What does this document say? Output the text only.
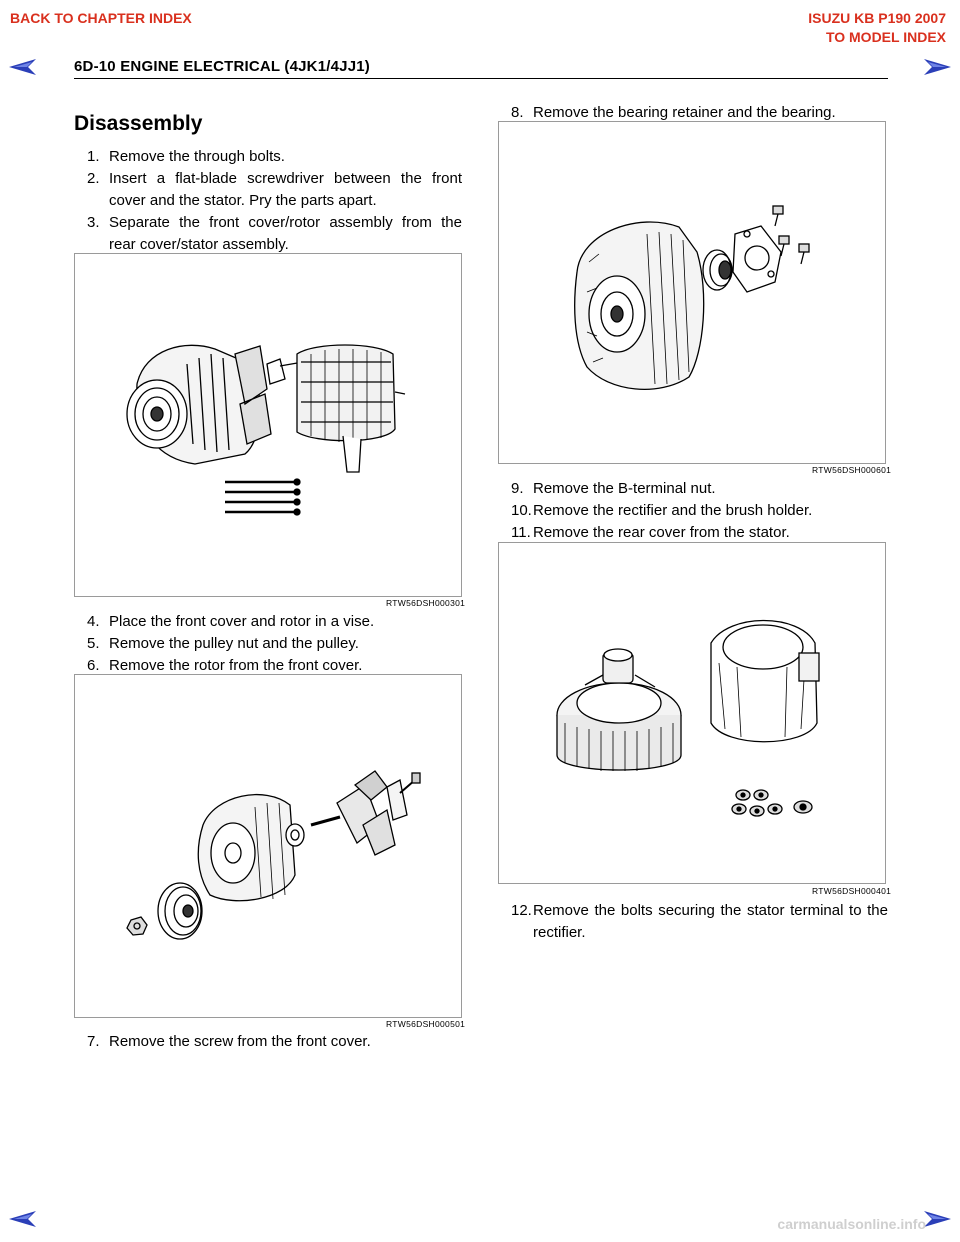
BACK TO CHAPTER INDEX	ISUZU KB P190 2007
TO MODEL INDEX
6D-10 ENGINE ELECTRICAL (4JK1/4JJ1)
Disassembly
1. Remove the through bolts.
2. Insert a flat-blade screwdriver between the front cover and the stator. Pry the parts apart.
3. Separate the front cover/rotor assembly from the rear cover/stator assembly.
RTW56DSH000301
4. Place the front cover and rotor in a vise.
5. Remove the pulley nut and the pulley.
6. Remove the rotor from the front cover.
RTW56DSH000501
7. Remove the screw from the front cover.
8. Remove the bearing retainer and the bearing.
RTW56DSH000601
9. Remove the B-terminal nut.
10. Remove the rectifier and the brush holder.
11. Remove the rear cover from the stator.
RTW56DSH000401
12. Remove the bolts securing the stator terminal to the rectifier.
carmanualsonline.info
